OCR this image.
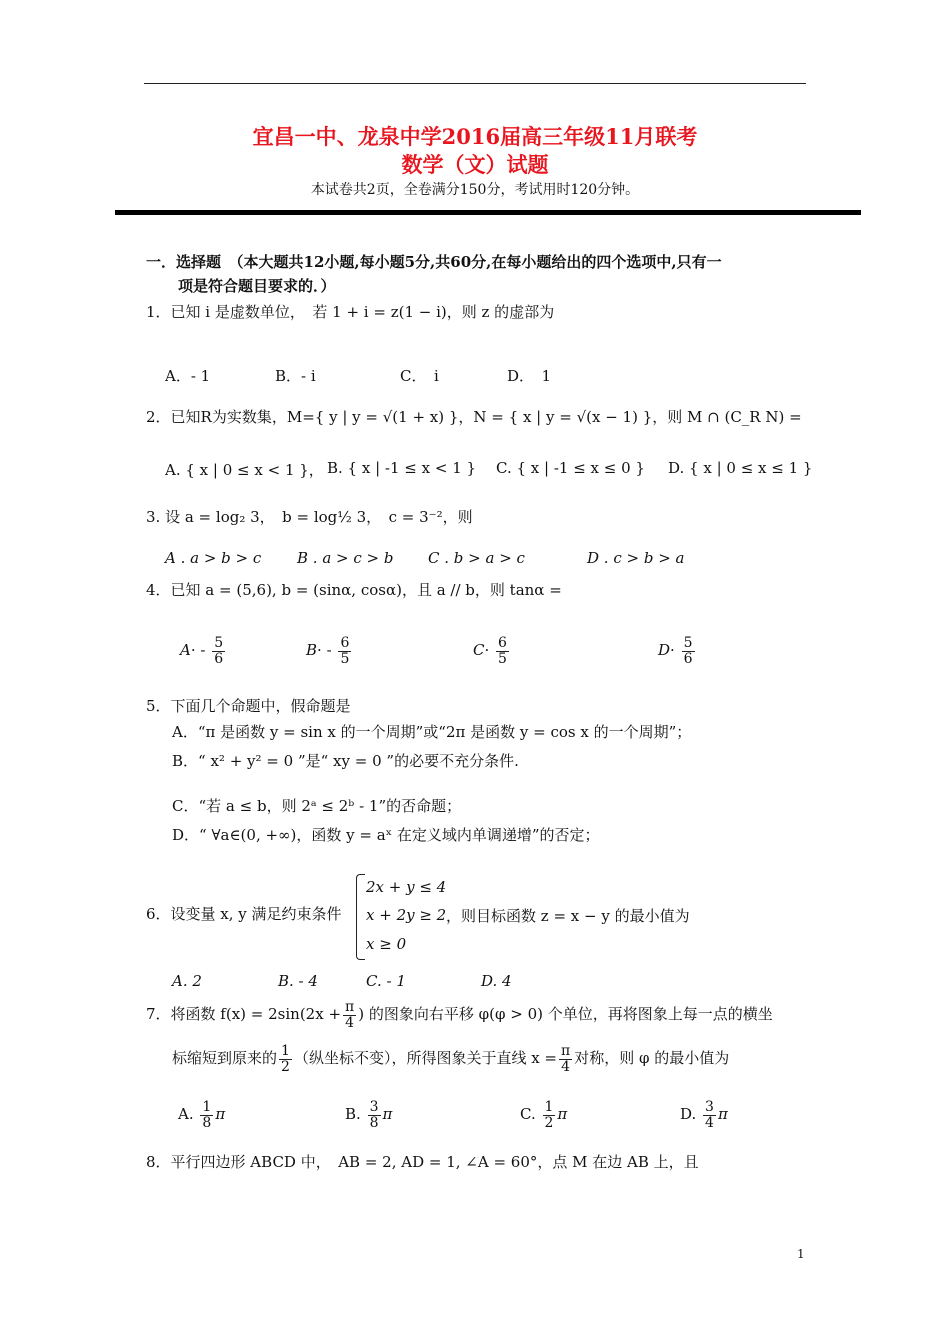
宜昌一中、龙泉中学2016届高三年级11月联考
数学（文）试题
本试卷共2页，全卷满分150分，考试用时120分钟。
一．选择题　（本大题共12小题,每小题5分,共60分,在每小题给出的四个选项中,只有一
项是符合题目要求的．）
1．已知 i 是虚数单位，　若 1 + i = z(1 − i)，则 z 的虚部为
A．- 1	B．- i	C．　i	D．　1
2．已知R为实数集，M={ y | y = √(1 + x) }，N = { x | y = √(x − 1) }，则 M ∩ (C_R N) =
A. { x | 0 ≤ x < 1 }， B. { x | -1 ≤ x < 1 } C. { x | -1 ≤ x ≤ 0 } D. { x | 0 ≤ x ≤ 1 }
3. 设 a = log₂ 3，　b = log½ 3，　c = 3⁻²，则
A . a > b > c B . a > c > b C . b > a > c	D . c > b > a
4．已知 a = (5,6), b = (sinα, cosα)，且 a // b，则 tanα =
$A\cdot - \frac{5}{6}$	$B\cdot - \frac{6}{5}$	$C\cdot \frac{6}{5}$	$D\cdot \frac{5}{6}$
5．下面几个命题中，假命题是
A．“π 是函数 y = sin x 的一个周期”或“2π 是函数 y = cos x 的一个周期”；
B．“ x² + y² = 0 ”是“ xy = 0 ”的必要不充分条件.
C．“若 a ≤ b，则 2ᵃ ≤ 2ᵇ - 1”的否命题；
D．“ ∀a∈(0, +∞)，函数 y = aˣ 在定义域内单调递增”的否定；
6．设变量 x, y 满足约束条件
2x + y ≤ 4
x + 2y ≥ 2
x ≥ 0
，则目标函数 z = x − y 的最小值为
A. 2	B. - 4	C. - 1	D. 4
7．将函数 $f(x) = 2\sin(2x + \frac{\pi}{4}$ ) 的图象向右平移 φ(φ > 0) 个单位，再将图象上每一点的横坐
标缩短到原来的 $\frac{1}{2}$ （纵坐标不变），所得图象关于直线 $x = \frac{\pi}{4}$ 对称，则 φ 的最小值为
A. $\frac{1}{8}$ π	B. $\frac{3}{8}$ π	C. $\frac{1}{2}$ π	D. $\frac{3}{4}$ π
8．平行四边形 ABCD 中，　AB = 2, AD = 1, ∠A = 60°，点 M 在边 AB 上，且
1
